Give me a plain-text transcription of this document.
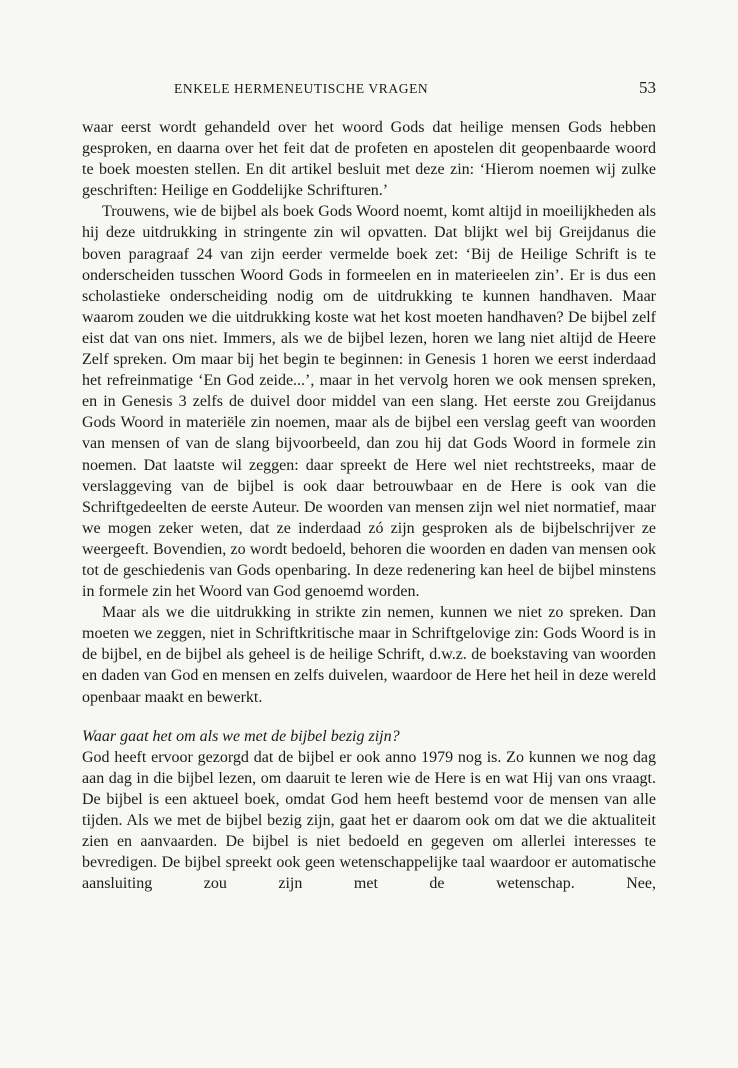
ENKELE HERMENEUTISCHE VRAGEN	53

waar eerst wordt gehandeld over het woord Gods dat heilige mensen Gods hebben gesproken, en daarna over het feit dat de profeten en apostelen dit geopenbaarde woord te boek moesten stellen. En dit artikel besluit met deze zin: ‘Hierom noemen wij zulke geschriften: Heilige en Goddelijke Schrifturen.’

Trouwens, wie de bijbel als boek Gods Woord noemt, komt altijd in moeilijkheden als hij deze uitdrukking in stringente zin wil opvatten. Dat blijkt wel bij Greijdanus die boven paragraaf 24 van zijn eerder vermelde boek zet: ‘Bij de Heilige Schrift is te onderscheiden tusschen Woord Gods in formeelen en in materieelen zin’. Er is dus een scholastieke onderscheiding nodig om de uitdrukking te kunnen handhaven. Maar waarom zouden we die uitdrukking koste wat het kost moeten handhaven? De bijbel zelf eist dat van ons niet. Immers, als we de bijbel lezen, horen we lang niet altijd de Heere Zelf spreken. Om maar bij het begin te beginnen: in Genesis 1 horen we eerst inderdaad het refreinmatige ‘En God zeide...’, maar in het vervolg horen we ook mensen spreken, en in Genesis 3 zelfs de duivel door middel van een slang. Het eerste zou Greijdanus Gods Woord in materiële zin noemen, maar als de bijbel een verslag geeft van woorden van mensen of van de slang bijvoorbeeld, dan zou hij dat Gods Woord in formele zin noemen. Dat laatste wil zeggen: daar spreekt de Here wel niet rechtstreeks, maar de verslaggeving van de bijbel is ook daar betrouwbaar en de Here is ook van die Schriftgedeelten de eerste Auteur. De woorden van mensen zijn wel niet normatief, maar we mogen zeker weten, dat ze inderdaad zó zijn gesproken als de bijbelschrijver ze weergeeft. Bovendien, zo wordt bedoeld, behoren die woorden en daden van mensen ook tot de geschiedenis van Gods openbaring. In deze redenering kan heel de bijbel minstens in formele zin het Woord van God genoemd worden.

Maar als we die uitdrukking in strikte zin nemen, kunnen we niet zo spreken. Dan moeten we zeggen, niet in Schriftkritische maar in Schriftgelovige zin: Gods Woord is in de bijbel, en de bijbel als geheel is de heilige Schrift, d.w.z. de boekstaving van woorden en daden van God en mensen en zelfs duivelen, waardoor de Here het heil in deze wereld openbaar maakt en bewerkt.

Waar gaat het om als we met de bijbel bezig zijn?

God heeft ervoor gezorgd dat de bijbel er ook anno 1979 nog is. Zo kunnen we nog dag aan dag in die bijbel lezen, om daaruit te leren wie de Here is en wat Hij van ons vraagt. De bijbel is een aktueel boek, omdat God hem heeft bestemd voor de mensen van alle tijden. Als we met de bijbel bezig zijn, gaat het er daarom ook om dat we die aktualiteit zien en aanvaarden. De bijbel is niet bedoeld en gegeven om allerlei interesses te bevredigen. De bijbel spreekt ook geen wetenschappelijke taal waardoor er automatische aansluiting zou zijn met de wetenschap. Nee,
